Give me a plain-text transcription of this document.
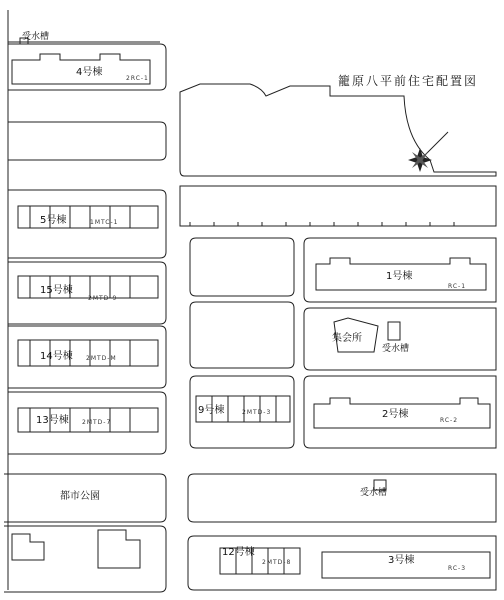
籠原八平前住宅配置図
受水槽
4号棟
2RC-1
5号棟	1MTC-1
15号棟
2MTD-9
14号棟 2MTD-M
13号棟 2MTD-7
1号棟
RC-1
集会所
受水槽
2号棟
RC-2
9号棟	2MTD-3
都市公園	受水槽
12号棟
2MTD-8	3号棟
RC-3
